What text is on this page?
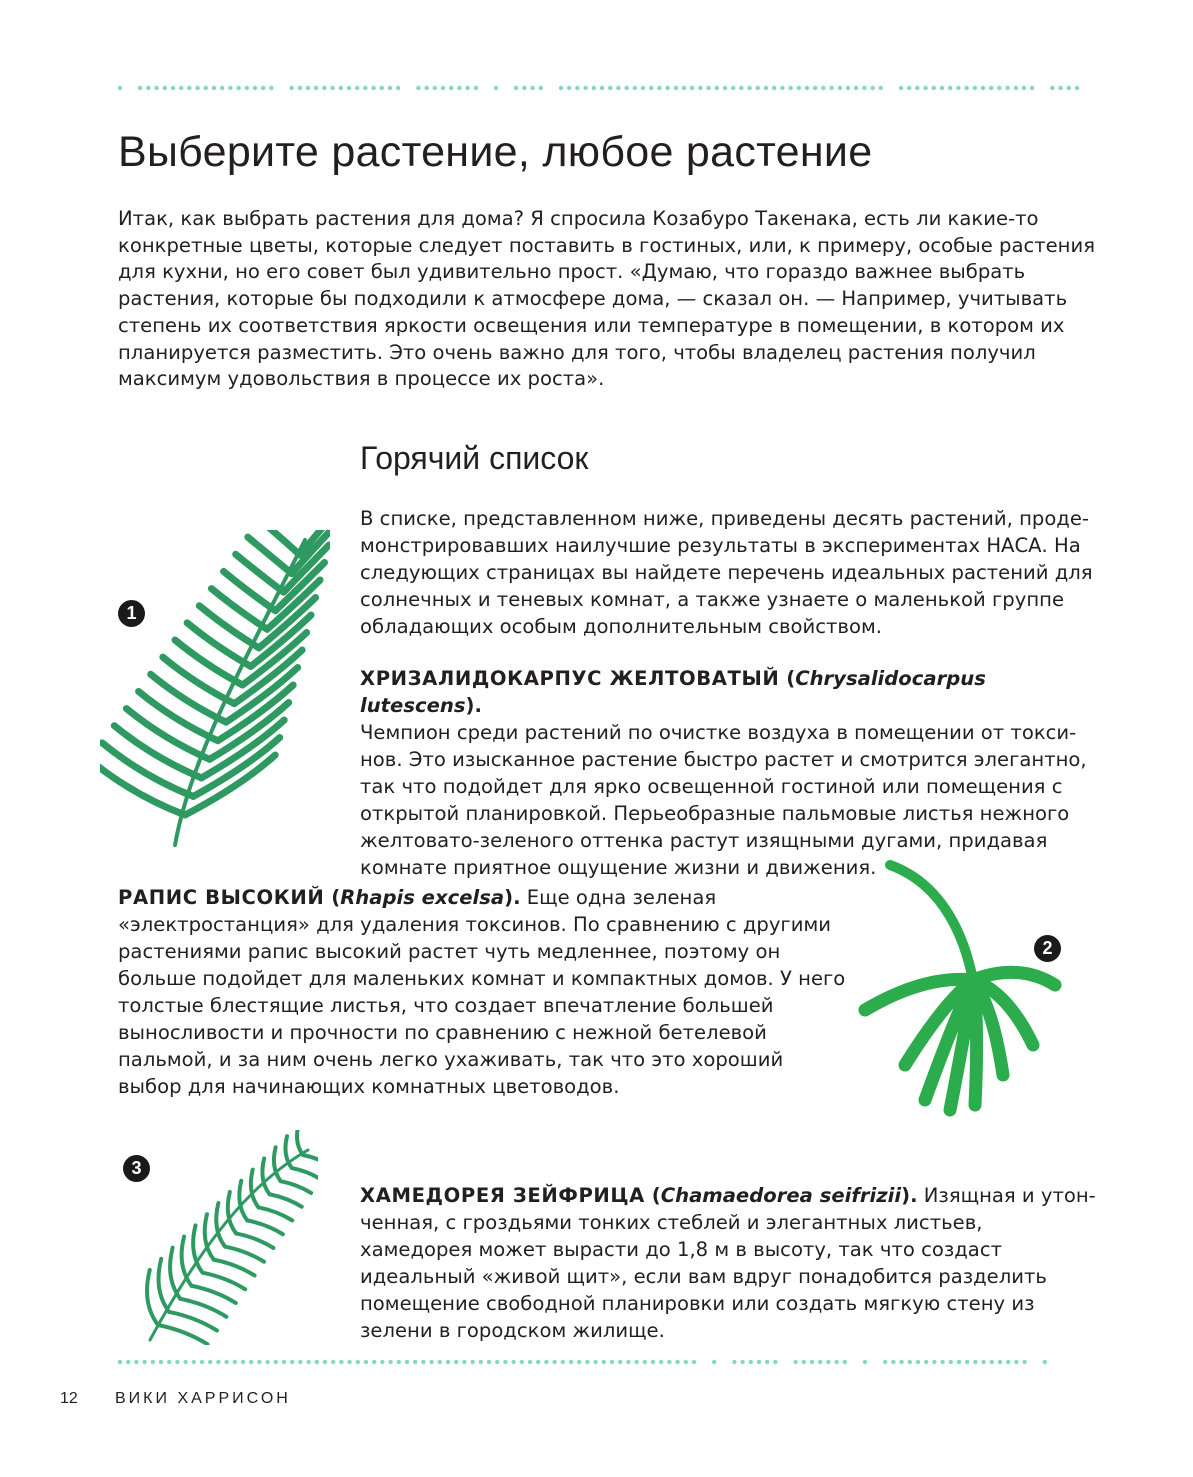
Выберите растение, любое растение

Итак, как выбрать растения для дома? Я спросила Козабуро Такенака, есть ли какие-то конкретные цветы, которые следует поставить в гостиных, или, к примеру, особые растения для кухни, но его совет был удивительно прост. «Думаю, что гораздо важнее выбрать растения, которые бы подходили к атмосфере дома, — сказал он. — Например, учитывать степень их соответствия яркости освещения или температуре в помещении, в котором их планируется разместить. Это очень важно для того, чтобы владелец растения получил максимум удовольствия в процессе их роста».

Горячий список

В списке, представленном ниже, приведены десять растений, продемонстрировавших наилучшие результаты в экспериментах НАСА. На следующих страницах вы найдете перечень идеальных растений для солнечных и теневых комнат, а также узнаете о маленькой группе обладающих особым дополнительным свойством.

1

ХРИЗАЛИДОКАРПУС ЖЕЛТОВАТЫЙ (Chrysalidocarpus lutescens).
Чемпион среди растений по очистке воздуха в помещении от токсинов. Это изысканное растение быстро растет и смотрится элегантно, так что подойдет для ярко освещенной гостиной или помещения с открытой планировкой. Перьеобразные пальмовые листья нежного желтовато-зеленого оттенка растут изящными дугами, придавая комнате приятное ощущение жизни и движения.

2

РАПИС ВЫСОКИЙ (Rhapis excelsa). Еще одна зеленая «электростанция» для удаления токсинов. По сравнению с другими растениями рапис высокий растет чуть медленнее, поэтому он больше подойдет для маленьких комнат и компактных домов. У него толстые блестящие листья, что создает впечатление большей выносливости и прочности по сравнению с нежной бетелевой пальмой, и за ним очень легко ухаживать, так что это хороший выбор для начинающих комнатных цветоводов.

3

ХАМЕДОРЕЯ ЗЕЙФРИЦА (Chamaedorea seifrizii). Изящная и утонченная, с гроздьями тонких стеблей и элегантных листьев, хамедорея может вырасти до 1,8 м в высоту, так что создаст идеальный «живой щит», если вам вдруг понадобится разделить помещение свободной планировки или создать мягкую стену из зелени в городском жилище.

12 ВИКИ ХАРРИСОН
